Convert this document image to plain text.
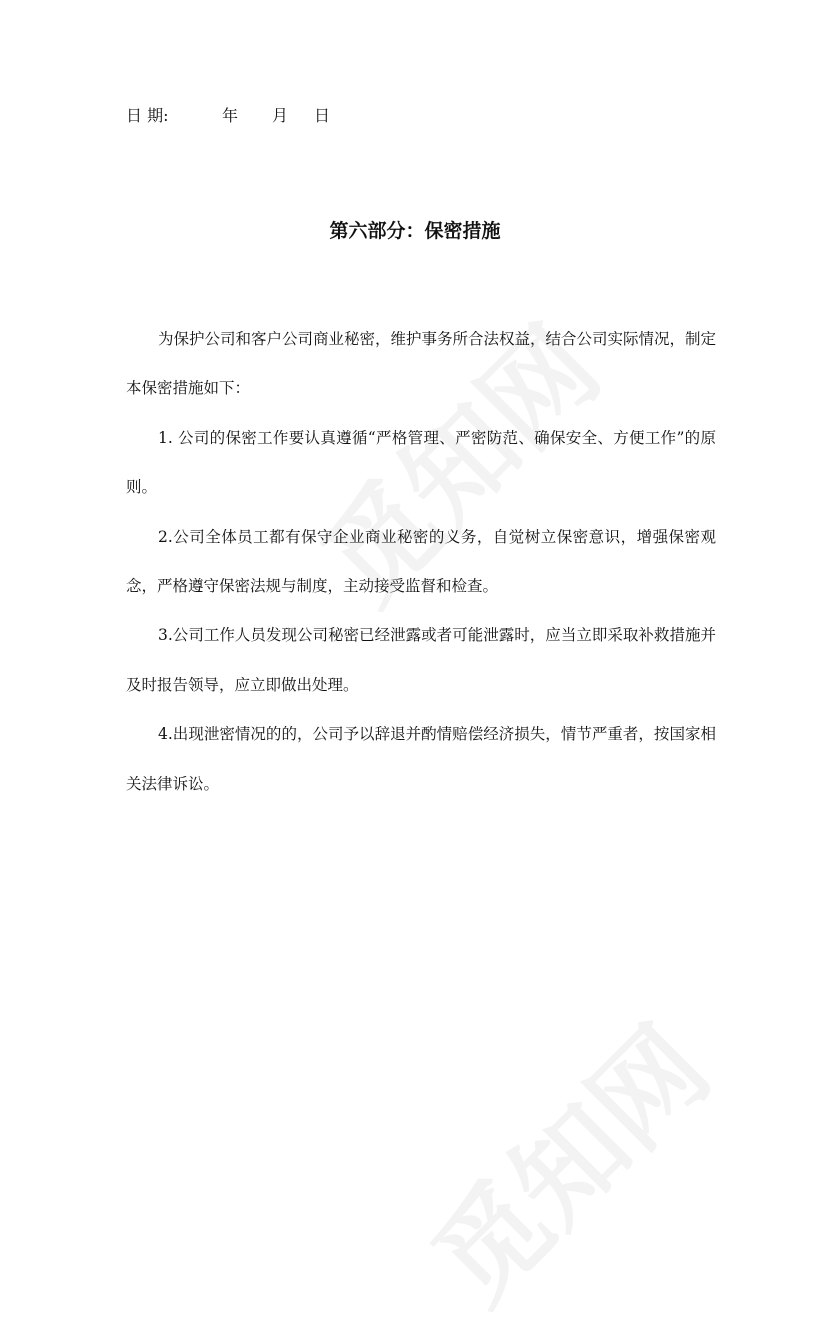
日 期:	年 月 日
第六部分：保密措施

为保护公司和客户公司商业秘密，维护事务所合法权益，结合公司实际情况，制定本保密措施如下：

1. 公司的保密工作要认真遵循“严格管理、严密防范、确保安全、方便工作”的原则。

2.公司全体员工都有保守企业商业秘密的义务，自觉树立保密意识，增强保密观念，严格遵守保密法规与制度，主动接受监督和检查。

3.公司工作人员发现公司秘密已经泄露或者可能泄露时，应当立即采取补救措施并及时报告领导，应立即做出处理。

4.出现泄密情况的的，公司予以辞退并酌情赔偿经济损失，情节严重者，按国家相关法律诉讼。
